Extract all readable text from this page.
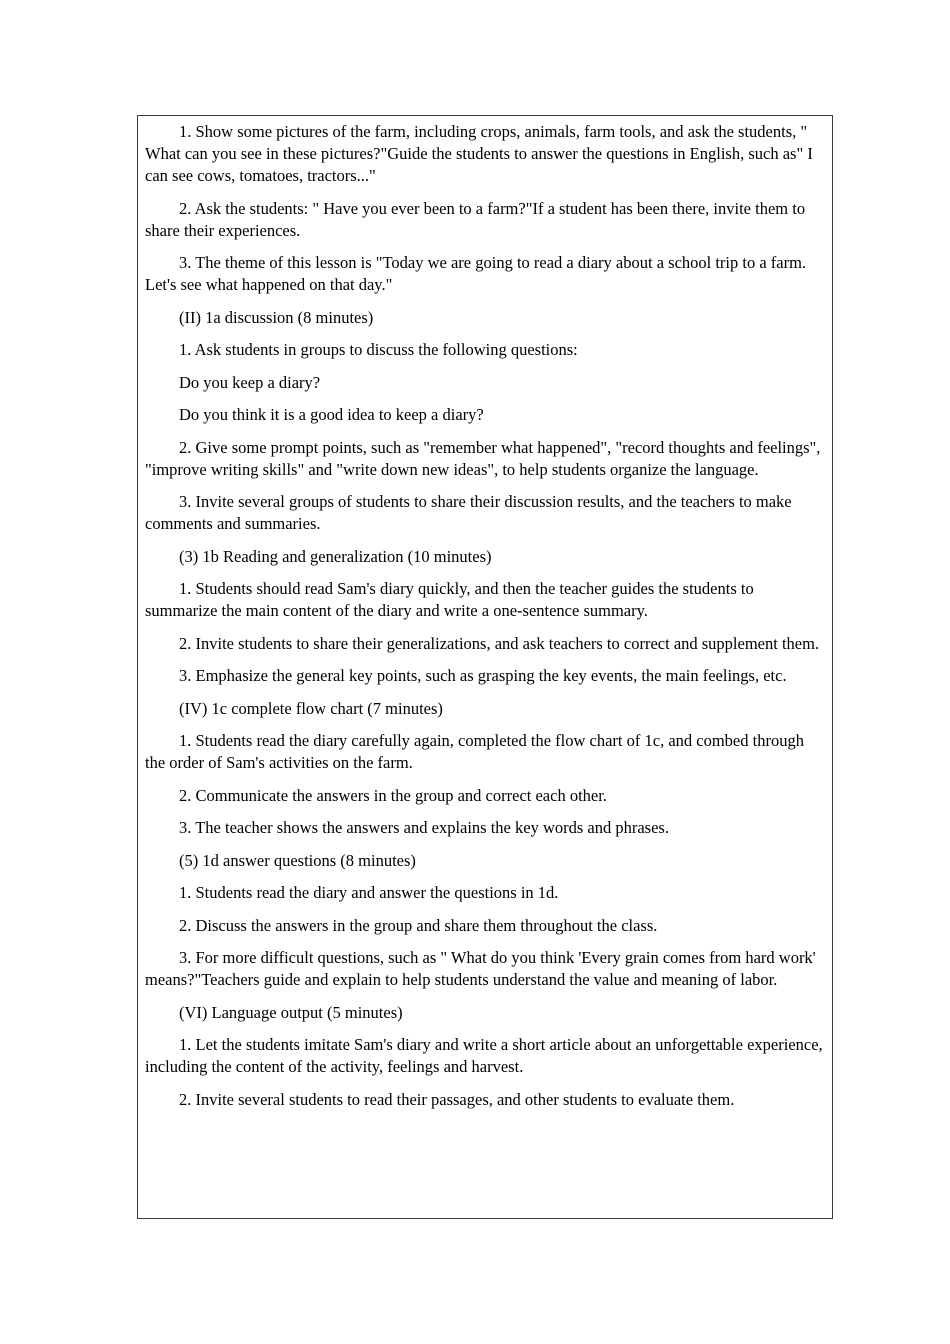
1. Show some pictures of the farm, including crops, animals, farm tools, and ask the students, " What can you see in these pictures?"Guide the students to answer the questions in English, such as" I can see cows, tomatoes, tractors..."

2. Ask the students: " Have you ever been to a farm?"If a student has been there, invite them to share their experiences.

3. The theme of this lesson is "Today we are going to read a diary about a school trip to a farm. Let's see what happened on that day."

(II) 1a discussion (8 minutes)

1. Ask students in groups to discuss the following questions:

Do you keep a diary?

Do you think it is a good idea to keep a diary?

2. Give some prompt points, such as "remember what happened", "record thoughts and feelings", "improve writing skills" and "write down new ideas", to help students organize the language.

3. Invite several groups of students to share their discussion results, and the teachers to make comments and summaries.

(3) 1b Reading and generalization (10 minutes)

1. Students should read Sam's diary quickly, and then the teacher guides the students to summarize the main content of the diary and write a one-sentence summary.

2. Invite students to share their generalizations, and ask teachers to correct and supplement them.

3. Emphasize the general key points, such as grasping the key events, the main feelings, etc.

(IV) 1c complete flow chart (7 minutes)

1. Students read the diary carefully again, completed the flow chart of 1c, and combed through the order of Sam's activities on the farm.

2. Communicate the answers in the group and correct each other.

3. The teacher shows the answers and explains the key words and phrases.

(5) 1d answer questions (8 minutes)

1. Students read the diary and answer the questions in 1d.

2. Discuss the answers in the group and share them throughout the class.

3. For more difficult questions, such as " What do you think 'Every grain comes from hard work' means?"Teachers guide and explain to help students understand the value and meaning of labor.

(VI) Language output (5 minutes)

1. Let the students imitate Sam's diary and write a short article about an unforgettable experience, including the content of the activity, feelings and harvest.

2. Invite several students to read their passages, and other students to evaluate them.
